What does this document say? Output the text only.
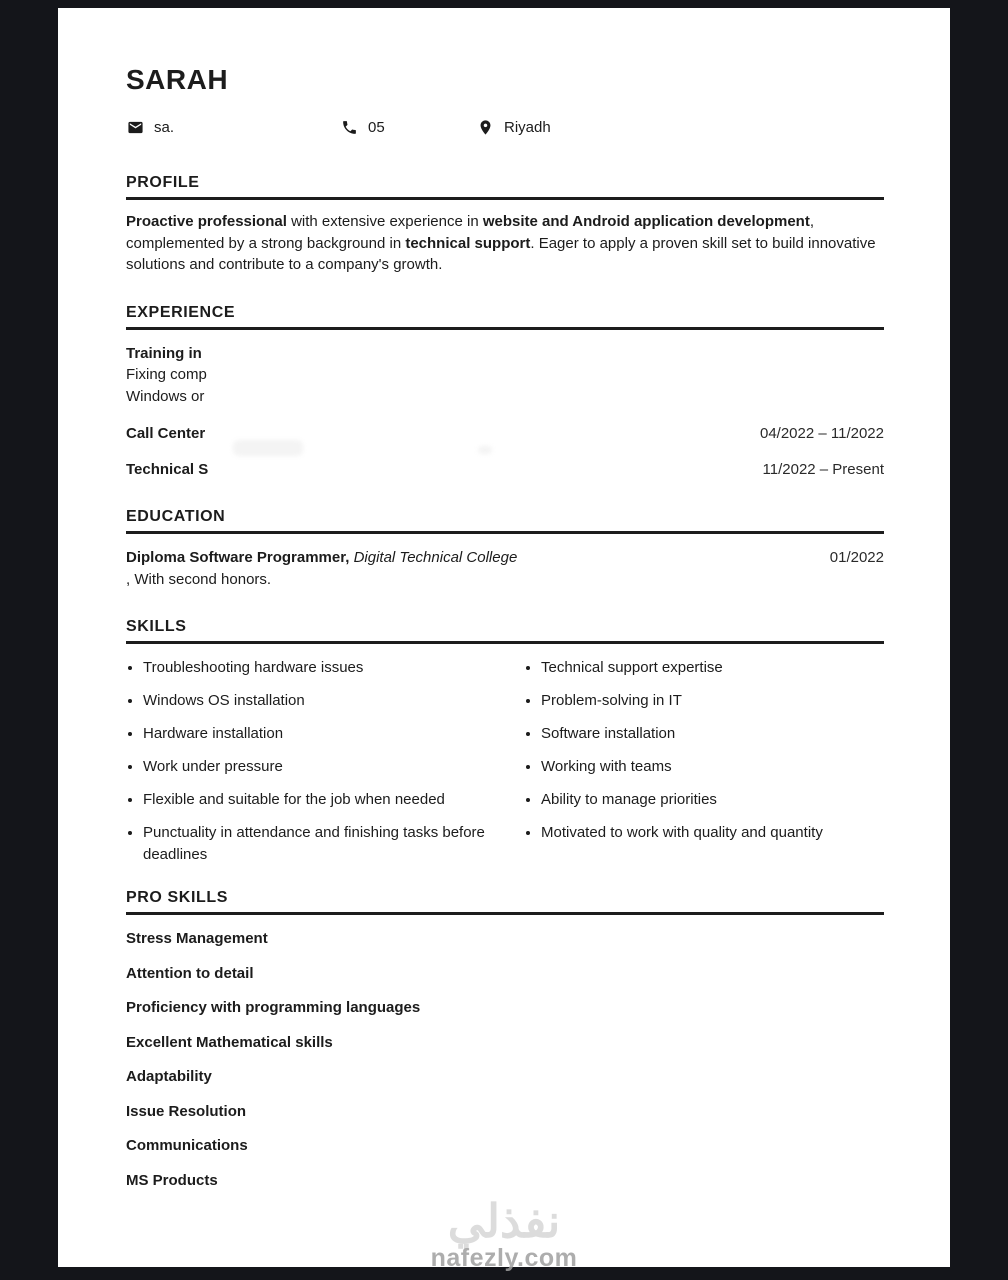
SARAH
sa.	05	Riyadh
PROFILE
Proactive professional with extensive experience in website and Android application development, complemented by a strong background in technical support. Eager to apply a proven skill set to build innovative solutions and contribute to a company's growth.
EXPERIENCE
Training in
Fixing comp
Windows or
Call Center	04/2022 – 11/2022
Technical S	11/2022 – Present
EDUCATION
Diploma Software Programmer, Digital Technical College	01/2022
, With second honors.
SKILLS
Troubleshooting hardware issues	Technical support expertise
Windows OS installation	Problem-solving in IT
Hardware installation	Software installation
Work under pressure	Working with teams
Flexible and suitable for the job when needed	Ability to manage priorities
Punctuality in attendance and finishing tasks before deadlines
Motivated to work with quality and quantity
PRO SKILLS
Stress Management
Attention to detail
Proficiency with programming languages
Excellent Mathematical skills
Adaptability
Issue Resolution
Communications
MS Products
نفذلي
nafezly.com
